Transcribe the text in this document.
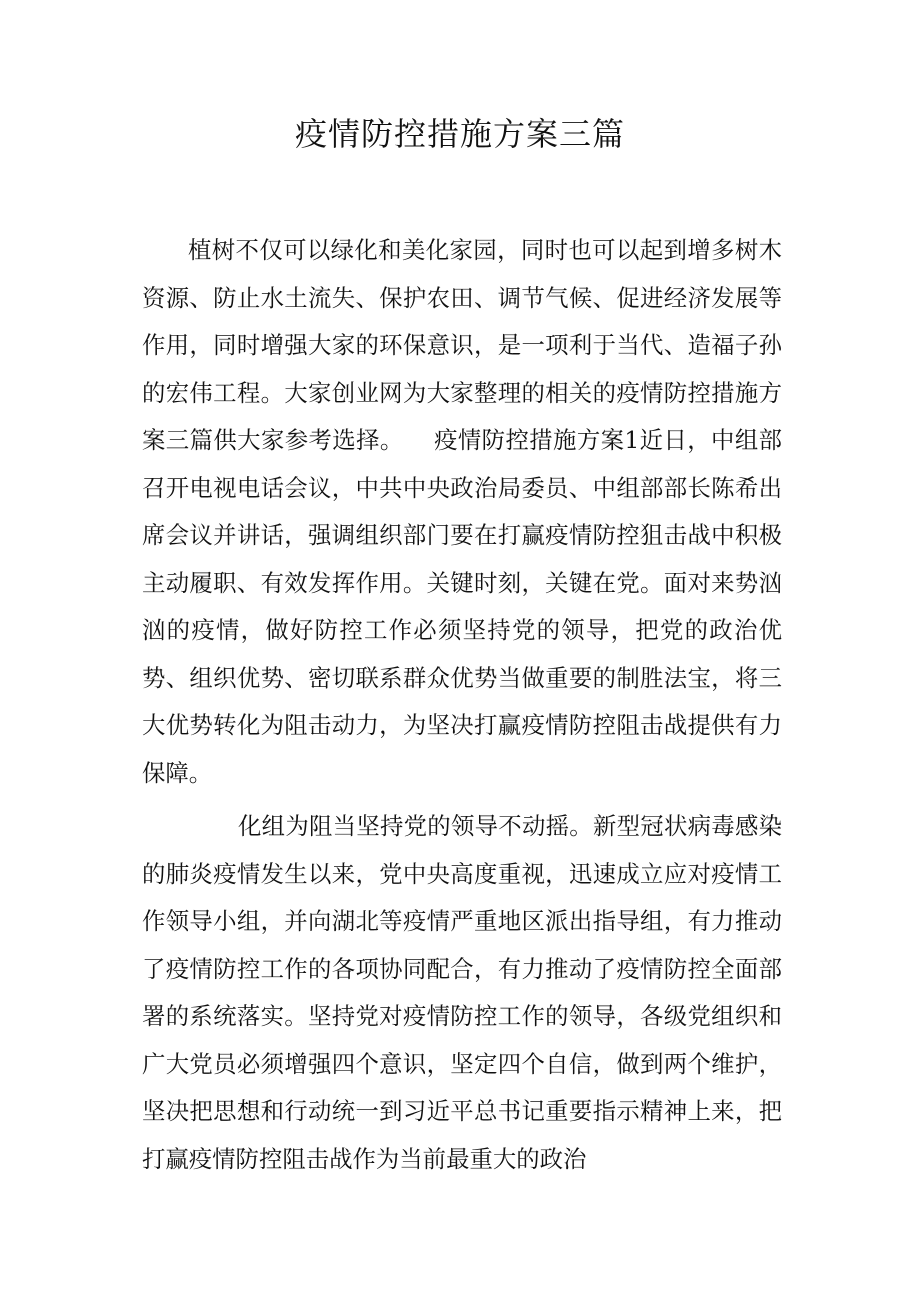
疫情防控措施方案三篇

植树不仅可以绿化和美化家园，同时也可以起到增多树木资源、防止水土流失、保护农田、调节气候、促进经济发展等作用，同时增强大家的环保意识，是一项利于当代、造福子孙的宏伟工程。大家创业网为大家整理的相关的疫情防控措施方案三篇供大家参考选择。 疫情防控措施方案1近日，中组部召开电视电话会议，中共中央政治局委员、中组部部长陈希出席会议并讲话，强调组织部门要在打赢疫情防控狙击战中积极主动履职、有效发挥作用。关键时刻，关键在党。面对来势汹汹的疫情，做好防控工作必须坚持党的领导，把党的政治优势、组织优势、密切联系群众优势当做重要的制胜法宝，将三大优势转化为阻击动力，为坚决打赢疫情防控阻击战提供有力保障。

化组为阻当坚持党的领导不动摇。新型冠状病毒感染的肺炎疫情发生以来，党中央高度重视，迅速成立应对疫情工作领导小组，并向湖北等疫情严重地区派出指导组，有力推动了疫情防控工作的各项协同配合，有力推动了疫情防控全面部署的系统落实。坚持党对疫情防控工作的领导，各级党组织和广大党员必须增强四个意识，坚定四个自信，做到两个维护，坚决把思想和行动统一到习近平总书记重要指示精神上来，把打赢疫情防控阻击战作为当前最重大的政治
